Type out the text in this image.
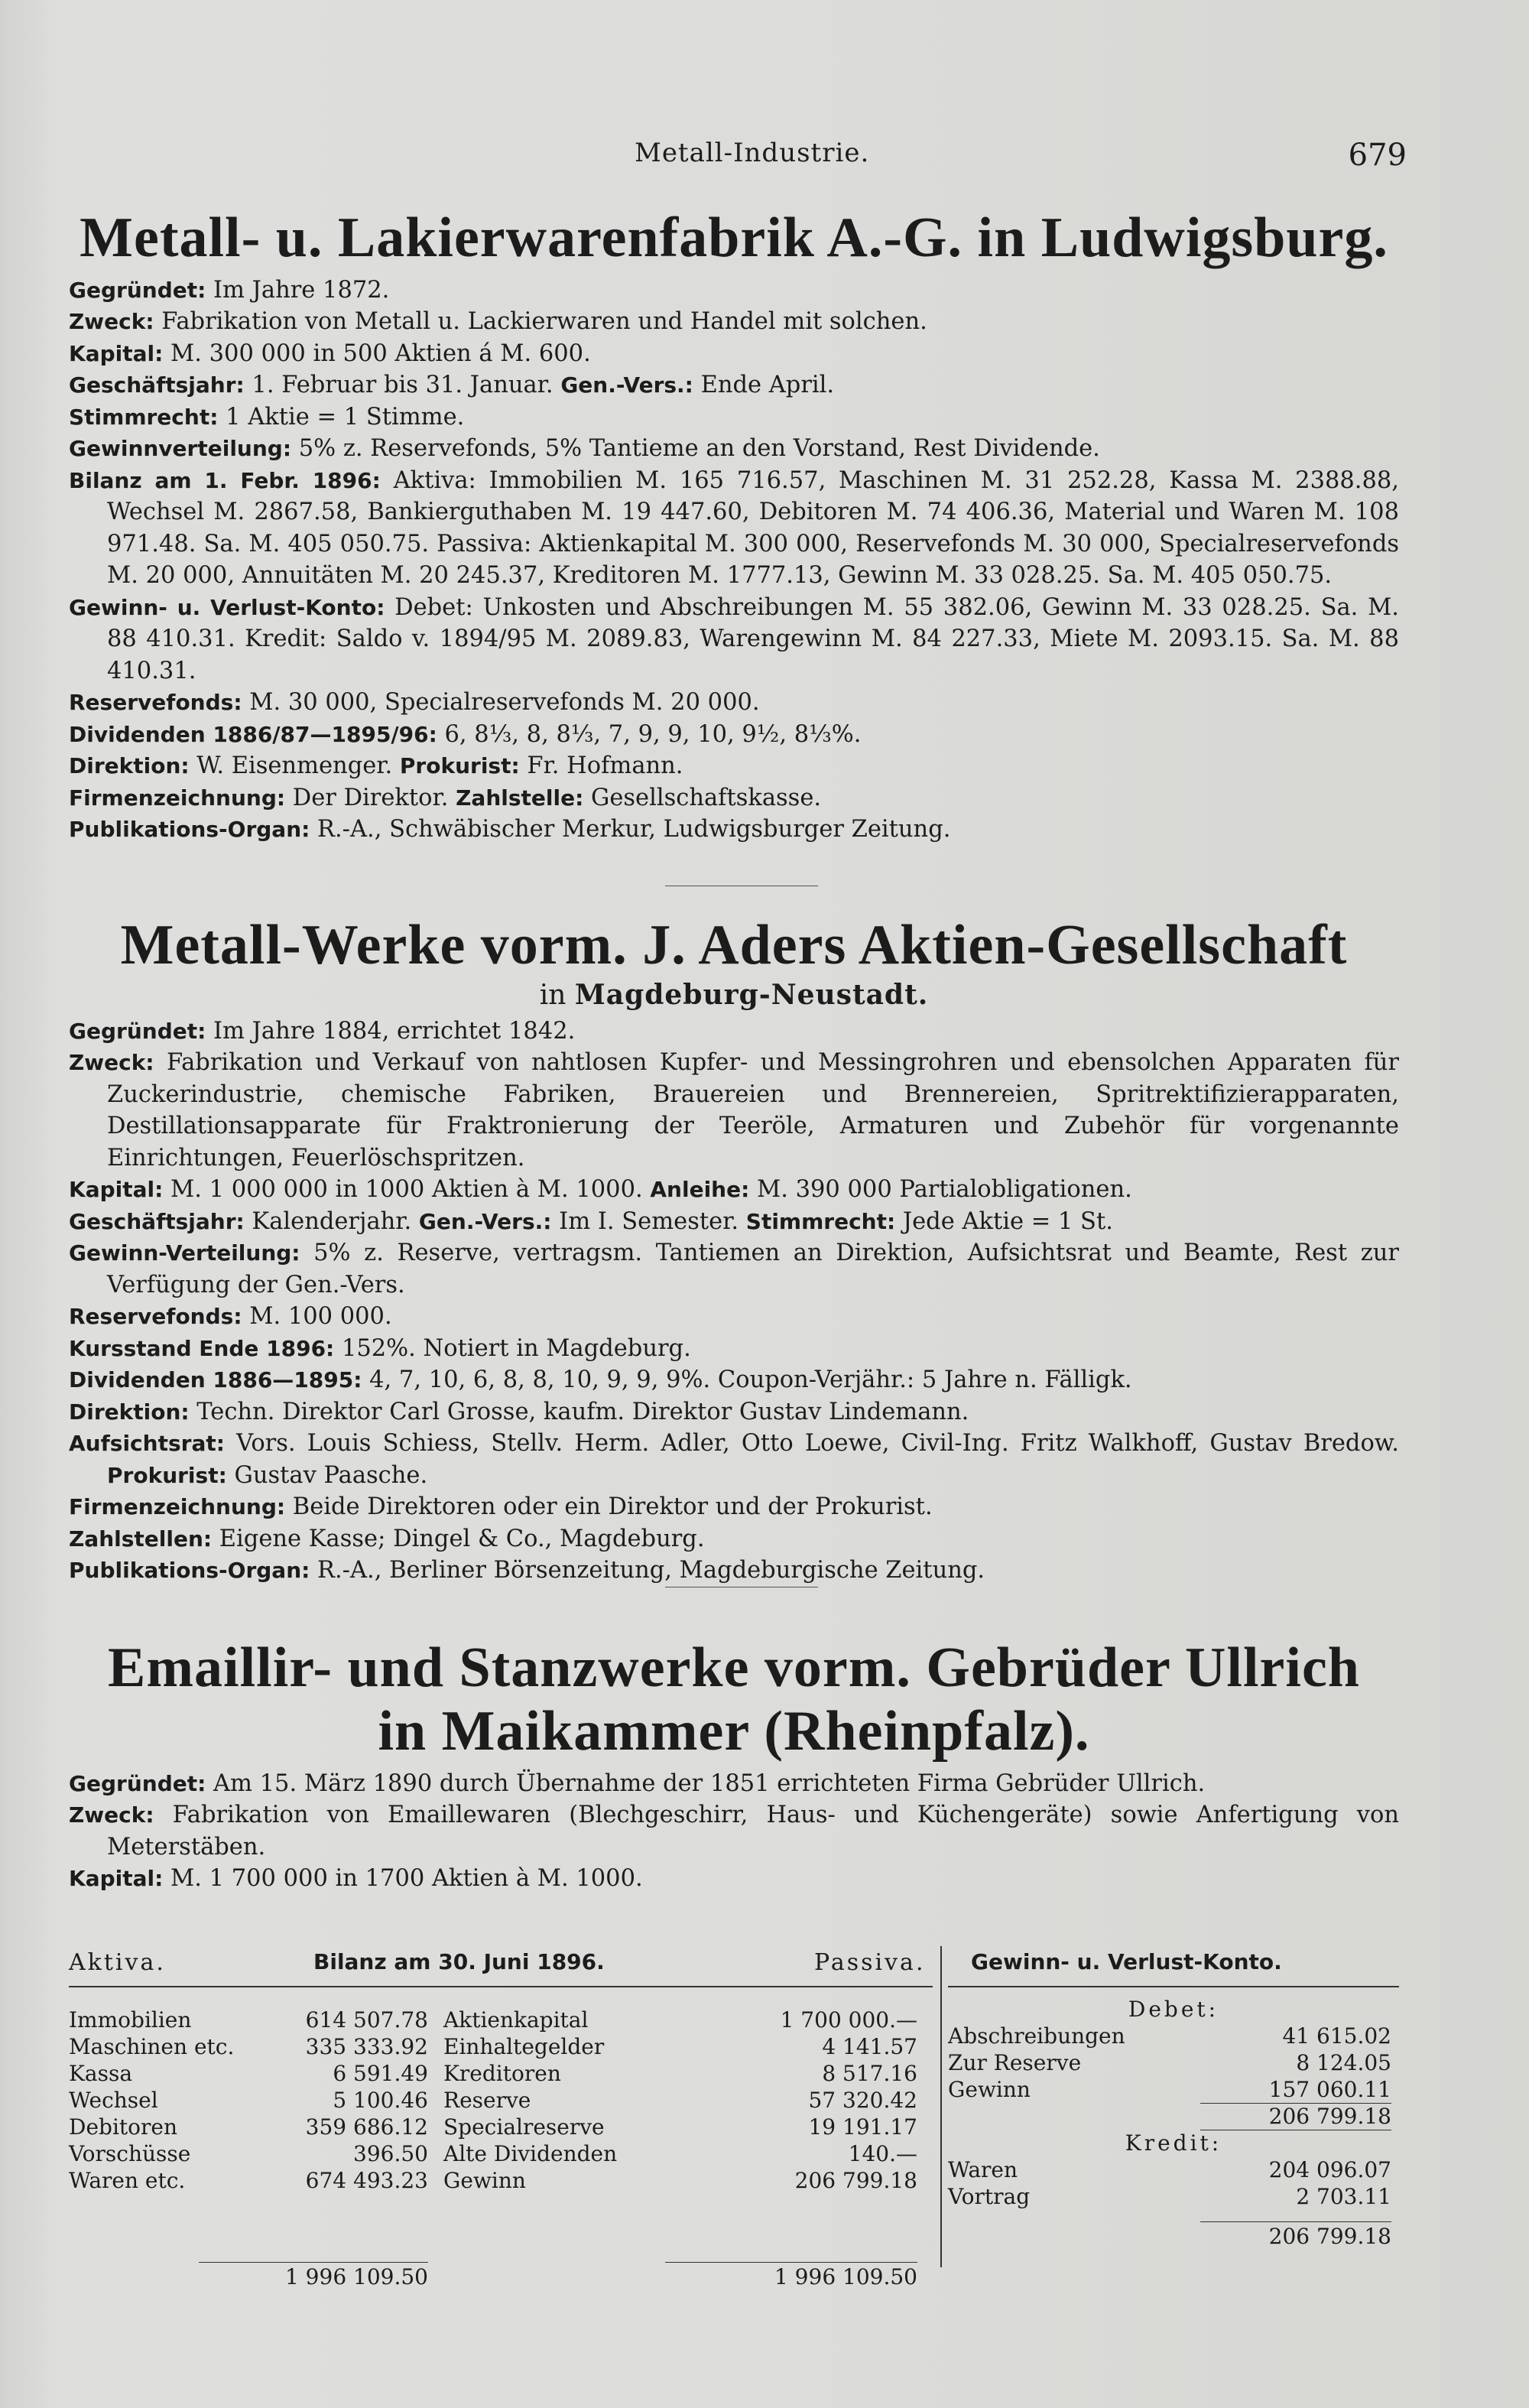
Metall-Industrie.	679
Metall- u. Lakierwarenfabrik A.-G. in Ludwigsburg.
Gegründet: Im Jahre 1872.
Zweck: Fabrikation von Metall u. Lackierwaren und Handel mit solchen.
Kapital: M. 300 000 in 500 Aktien á M. 600.
Geschäftsjahr: 1. Februar bis 31. Januar. Gen.-Vers.: Ende April.
Stimmrecht: 1 Aktie = 1 Stimme.
Gewinnverteilung: 5% z. Reservefonds, 5% Tantieme an den Vorstand, Rest Dividende.
Bilanz am 1. Febr. 1896: Aktiva: Immobilien M. 165 716.57, Maschinen M. 31 252.28, Kassa M. 2388.88, Wechsel M. 2867.58, Bankierguthaben M. 19 447.60, Debitoren M. 74 406.36, Material und Waren M. 108 971.48. Sa. M. 405 050.75. Passiva: Aktienkapital M. 300 000, Reservefonds M. 30 000, Specialreservefonds M. 20 000, Annuitäten M. 20 245.37, Kreditoren M. 1777.13, Gewinn M. 33 028.25. Sa. M. 405 050.75.
Gewinn- u. Verlust-Konto: Debet: Unkosten und Abschreibungen M. 55 382.06, Gewinn M. 33 028.25. Sa. M. 88 410.31. Kredit: Saldo v. 1894/95 M. 2089.83, Warengewinn M. 84 227.33, Miete M. 2093.15. Sa. M. 88 410.31.
Reservefonds: M. 30 000, Specialreservefonds M. 20 000.
Dividenden 1886/87—1895/96: 6, 8⅓, 8, 8⅓, 7, 9, 9, 10, 9½, 8⅓%.
Direktion: W. Eisenmenger. Prokurist: Fr. Hofmann.
Firmenzeichnung: Der Direktor. Zahlstelle: Gesellschaftskasse.
Publikations-Organ: R.-A., Schwäbischer Merkur, Ludwigsburger Zeitung.
Metall-Werke vorm. J. Aders Aktien-Gesellschaft
in Magdeburg-Neustadt.
Gegründet: Im Jahre 1884, errichtet 1842.
Zweck: Fabrikation und Verkauf von nahtlosen Kupfer- und Messingrohren und ebensolchen Apparaten für Zuckerindustrie, chemische Fabriken, Brauereien und Brennereien, Spritrektifizierapparaten, Destillationsapparate für Fraktronierung der Teeröle, Armaturen und Zubehör für vorgenannte Einrichtungen, Feuerlöschspritzen.
Kapital: M. 1 000 000 in 1000 Aktien à M. 1000. Anleihe: M. 390 000 Partialobligationen.
Geschäftsjahr: Kalenderjahr. Gen.-Vers.: Im I. Semester. Stimmrecht: Jede Aktie = 1 St.
Gewinn-Verteilung: 5% z. Reserve, vertragsm. Tantiemen an Direktion, Aufsichtsrat und Beamte, Rest zur Verfügung der Gen.-Vers.
Reservefonds: M. 100 000.
Kursstand Ende 1896: 152%. Notiert in Magdeburg.
Dividenden 1886—1895: 4, 7, 10, 6, 8, 8, 10, 9, 9, 9%. Coupon-Verjähr.: 5 Jahre n. Fälligk.
Direktion: Techn. Direktor Carl Grosse, kaufm. Direktor Gustav Lindemann.
Aufsichtsrat: Vors. Louis Schiess, Stellv. Herm. Adler, Otto Loewe, Civil-Ing. Fritz Walkhoff, Gustav Bredow. Prokurist: Gustav Paasche.
Firmenzeichnung: Beide Direktoren oder ein Direktor und der Prokurist.
Zahlstellen: Eigene Kasse; Dingel & Co., Magdeburg.
Publikations-Organ: R.-A., Berliner Börsenzeitung, Magdeburgische Zeitung.
Emaillir- und Stanzwerke vorm. Gebrüder Ullrich
in Maikammer (Rheinpfalz).
Gegründet: Am 15. März 1890 durch Übernahme der 1851 errichteten Firma Gebrüder Ullrich.
Zweck: Fabrikation von Emaillewaren (Blechgeschirr, Haus- und Küchengeräte) sowie Anfertigung von Meterstäben.
Kapital: M. 1 700 000 in 1700 Aktien à M. 1000.
Aktiva.	Bilanz am 30. Juni 1896.	Passiva.
Immobilien	614 507.78 Aktienkapital	1 700 000.—
Maschinen etc.	335 333.92 Einhaltegelder	4 141.57
Kassa	6 591.49 Kreditoren	8 517.16
Wechsel	5 100.46 Reserve	57 320.42
Debitoren	359 686.12 Specialreserve	19 191.17
Vorschüsse	396.50 Alte Dividenden	140.—
Waren etc.	674 493.23 Gewinn	206 799.18
1 996 109.50	1 996 109.50
Gewinn- u. Verlust-Konto.
Debet:
Abschreibungen	41 615.02
Zur Reserve	8 124.05
Gewinn	157 060.11
206 799.18
Kredit:
Waren	204 096.07
Vortrag	2 703.11
206 799.18
